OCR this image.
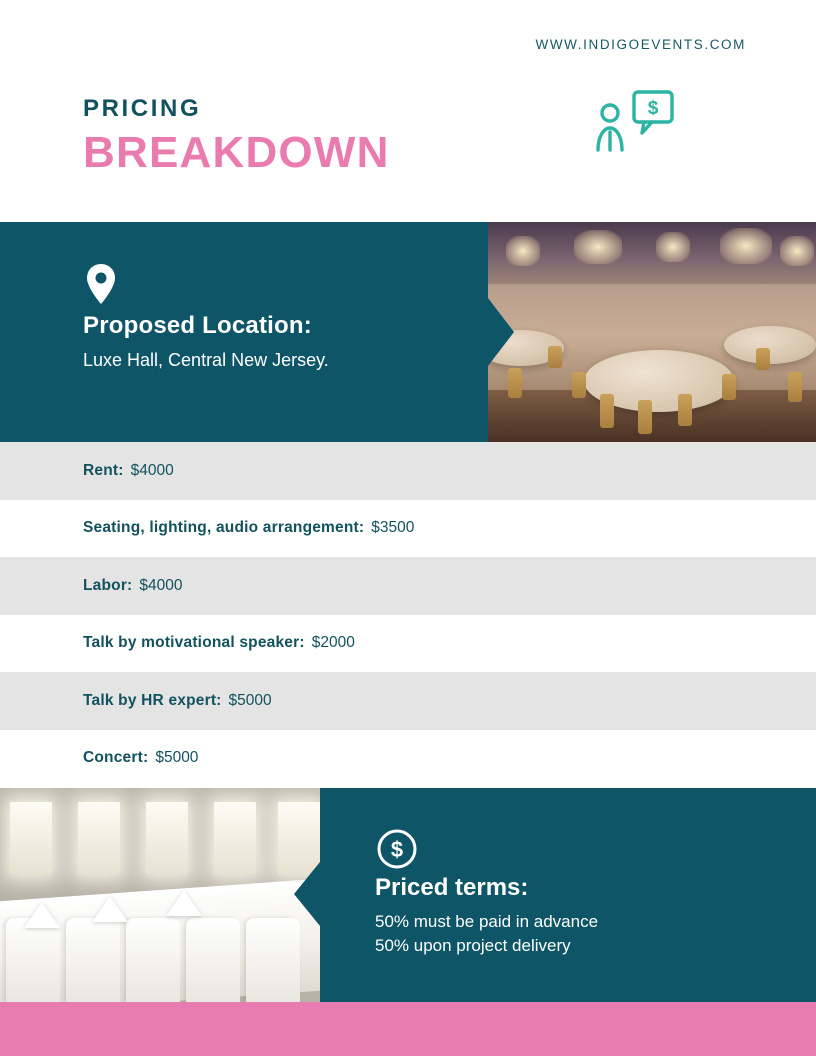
WWW.INDIGOEVENTS.COM
PRICING
BREAKDOWN
$
Proposed Location:
Luxe Hall, Central New Jersey.
Rent: $4000
Seating, lighting, audio arrangement: $3500
Labor: $4000
Talk by motivational speaker: $2000
Talk by HR expert: $5000
Concert: $5000
$
Priced terms:
50% must be paid in advance
50% upon project delivery
